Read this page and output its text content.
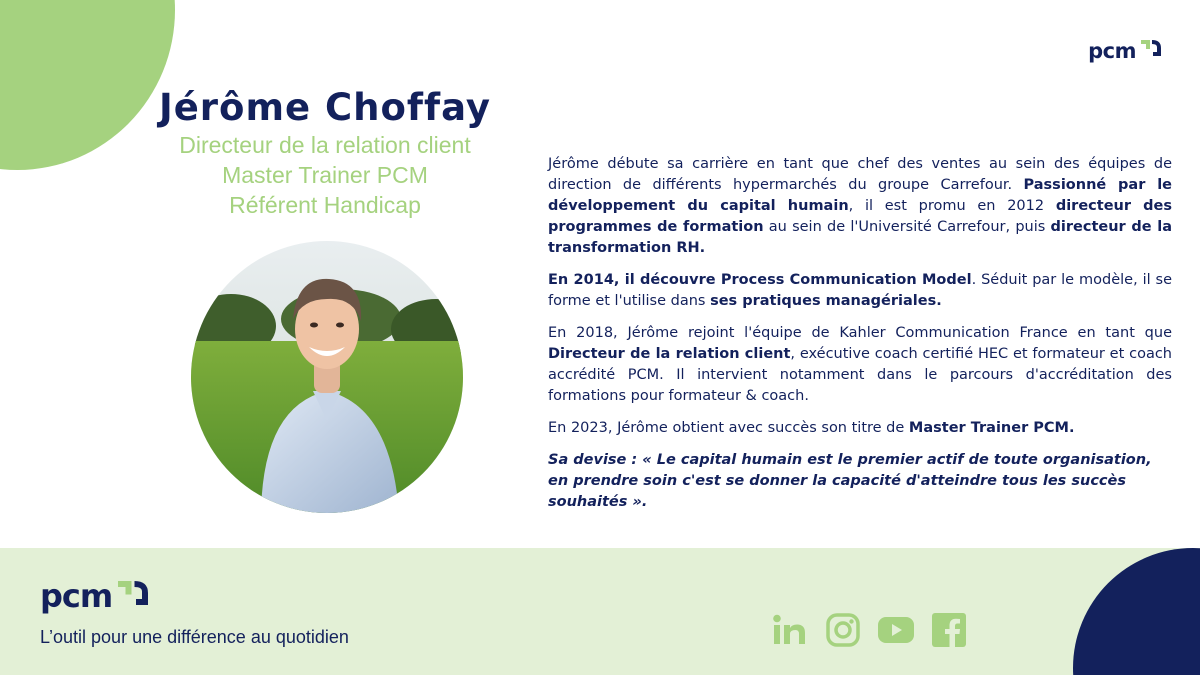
pcm
Jérôme Choffay
Directeur de la relation client
Master Trainer PCM
Référent Handicap

Jérôme débute sa carrière en tant que chef des ventes au sein des équipes de direction de différents hypermarchés du groupe Carrefour. Passionné par le développement du capital humain, il est promu en 2012 directeur des programmes de formation au sein de l'Université Carrefour, puis directeur de la transformation RH.

En 2014, il découvre Process Communication Model. Séduit par le modèle, il se forme et l'utilise dans ses pratiques managériales.

En 2018, Jérôme rejoint l'équipe de Kahler Communication France en tant que Directeur de la relation client, exécutive coach certifié HEC et formateur et coach accrédité PCM. Il intervient notamment dans le parcours d'accréditation des formations pour formateur & coach.

En 2023, Jérôme obtient avec succès son titre de Master Trainer PCM.

Sa devise : « Le capital humain est le premier actif de toute organisation, en prendre soin c'est se donner la capacité d'atteindre tous les succès souhaités ».

pcm
L’outil pour une différence au quotidien
